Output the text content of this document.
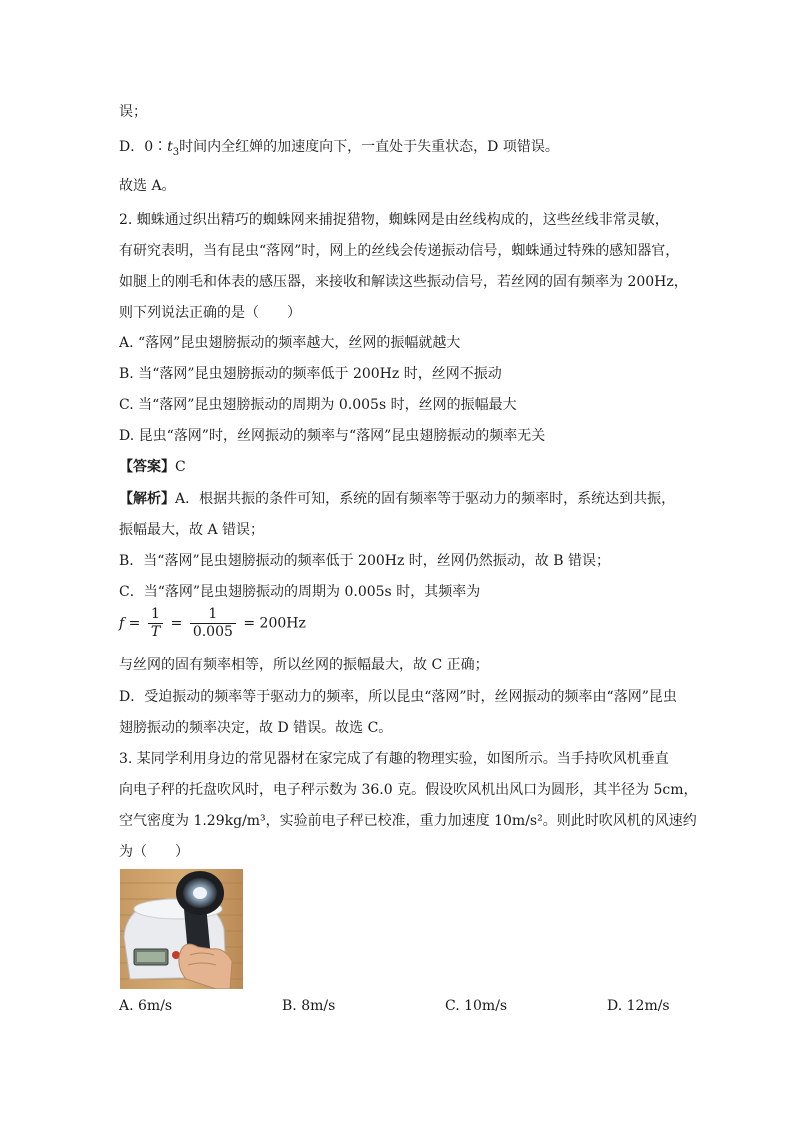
误；
D．$0∶t_3$时间内全红婵的加速度向下，一直处于失重状态，D 项错误。
故选 A。
2. 蜘蛛通过织出精巧的蜘蛛网来捕捉猎物，蜘蛛网是由丝线构成的，这些丝线非常灵敏，
有研究表明，当有昆虫“落网”时，网上的丝线会传递振动信号，蜘蛛通过特殊的感知器官，
如腿上的刚毛和体表的感压器，来接收和解读这些振动信号，若丝网的固有频率为 200Hz，
则下列说法正确的是（　　）
A. “落网”昆虫翅膀振动的频率越大，丝网的振幅就越大
B. 当“落网”昆虫翅膀振动的频率低于 200Hz 时，丝网不振动
C. 当“落网”昆虫翅膀振动的周期为 0.005s 时，丝网的振幅最大
D. 昆虫“落网”时，丝网振动的频率与“落网”昆虫翅膀振动的频率无关
【答案】C
【解析】A．根据共振的条件可知，系统的固有频率等于驱动力的频率时，系统达到共振，
振幅最大，故 A 错误；
B．当“落网”昆虫翅膀振动的频率低于 200Hz 时，丝网仍然振动，故 B 错误；
C．当“落网”昆虫翅膀振动的周期为 0.005s 时，其频率为
$f = \frac{1}{T} = \frac{1}{0.005} = 200Hz$
与丝网的固有频率相等，所以丝网的振幅最大，故 C 正确；
D．受迫振动的频率等于驱动力的频率，所以昆虫“落网”时，丝网振动的频率由“落网”昆虫
翅膀振动的频率决定，故 D 错误。故选 C。
3. 某同学利用身边的常见器材在家完成了有趣的物理实验，如图所示。当手持吹风机垂直
向电子秤的托盘吹风时，电子秤示数为 36.0 克。假设吹风机出风口为圆形，其半径为 5cm，
空气密度为 1.29kg/m³，实验前电子秤已校准，重力加速度 10m/s²。则此时吹风机的风速约
为（　　）
A. 6m/s	B. 8m/s	C. 10m/s	D. 12m/s
